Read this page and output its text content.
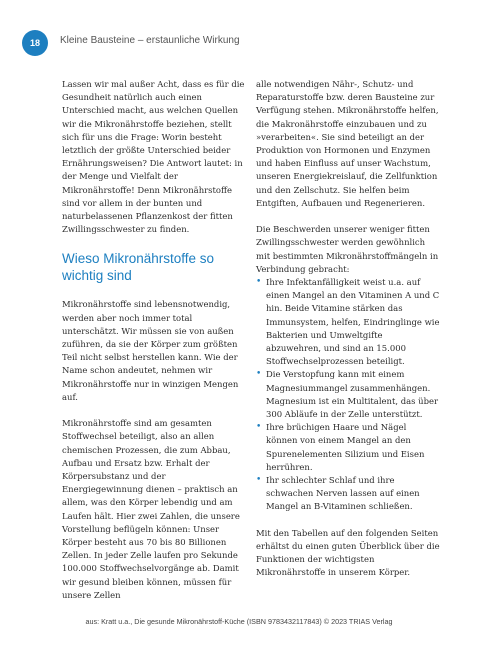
18 Kleine Bausteine – erstaunliche Wirkung

Lassen wir mal außer Acht, dass es für die Gesundheit natürlich auch einen Unterschied macht, aus welchen Quellen wir die Mikronährstoffe beziehen, stellt sich für uns die Frage: Worin besteht letztlich der größte Unterschied beider Ernährungsweisen? Die Antwort lautet: in der Menge und Vielfalt der Mikronährstoffe! Denn Mikronährstoffe sind vor allem in der bunten und naturbelassenen Pflanzenkost der fitten Zwillingsschwester zu finden.

Wieso Mikronährstoffe so wichtig sind

Mikronährstoffe sind lebensnotwendig, werden aber noch immer total unterschätzt. Wir müssen sie von außen zuführen, da sie der Körper zum größten Teil nicht selbst herstellen kann. Wie der Name schon andeutet, nehmen wir Mikronährstoffe nur in winzigen Mengen auf.

Mikronährstoffe sind am gesamten Stoffwechsel beteiligt, also an allen chemischen Prozessen, die zum Abbau, Aufbau und Ersatz bzw. Erhalt der Körpersubstanz und der Energiegewinnung dienen – praktisch an allem, was den Körper lebendig und am Laufen hält. Hier zwei Zahlen, die unsere Vorstellung beflügeln können: Unser Körper besteht aus 70 bis 80 Billionen Zellen. In jeder Zelle laufen pro Sekunde 100.000 Stoffwechselvorgänge ab. Damit wir gesund bleiben können, müssen für unsere Zellen

alle notwendigen Nähr-, Schutz- und Reparaturstoffe bzw. deren Bausteine zur Verfügung stehen. Mikronährstoffe helfen, die Makronährstoffe einzubauen und zu »verarbeiten«. Sie sind beteiligt an der Produktion von Hormonen und Enzymen und haben Einfluss auf unser Wachstum, unseren Energiekreislauf, die Zellfunktion und den Zellschutz. Sie helfen beim Entgiften, Aufbauen und Regenerieren.

Die Beschwerden unserer weniger fitten Zwillingsschwester werden gewöhnlich mit bestimmten Mikronährstoffmängeln in Verbindung gebracht:

• Ihre Infektanfälligkeit weist u.a. auf einen Mangel an den Vitaminen A und C hin. Beide Vitamine stärken das Immunsystem, helfen, Eindringlinge wie Bakterien und Umweltgifte abzuwehren, und sind an 15.000 Stoffwechselprozessen beteiligt.
• Die Verstopfung kann mit einem Magnesiummangel zusammenhängen. Magnesium ist ein Multitalent, das über 300 Abläufe in der Zelle unterstützt.
• Ihre brüchigen Haare und Nägel können von einem Mangel an den Spurenelementen Silizium und Eisen herrühren.
• Ihr schlechter Schlaf und ihre schwachen Nerven lassen auf einen Mangel an B-Vitaminen schließen.

Mit den Tabellen auf den folgenden Seiten erhältst du einen guten Überblick über die Funktionen der wichtigsten Mikronährstoffe in unserem Körper.

aus: Kratt u.a., Die gesunde Mikronährstoff-Küche (ISBN 9783432117843) © 2023 TRIAS Verlag
